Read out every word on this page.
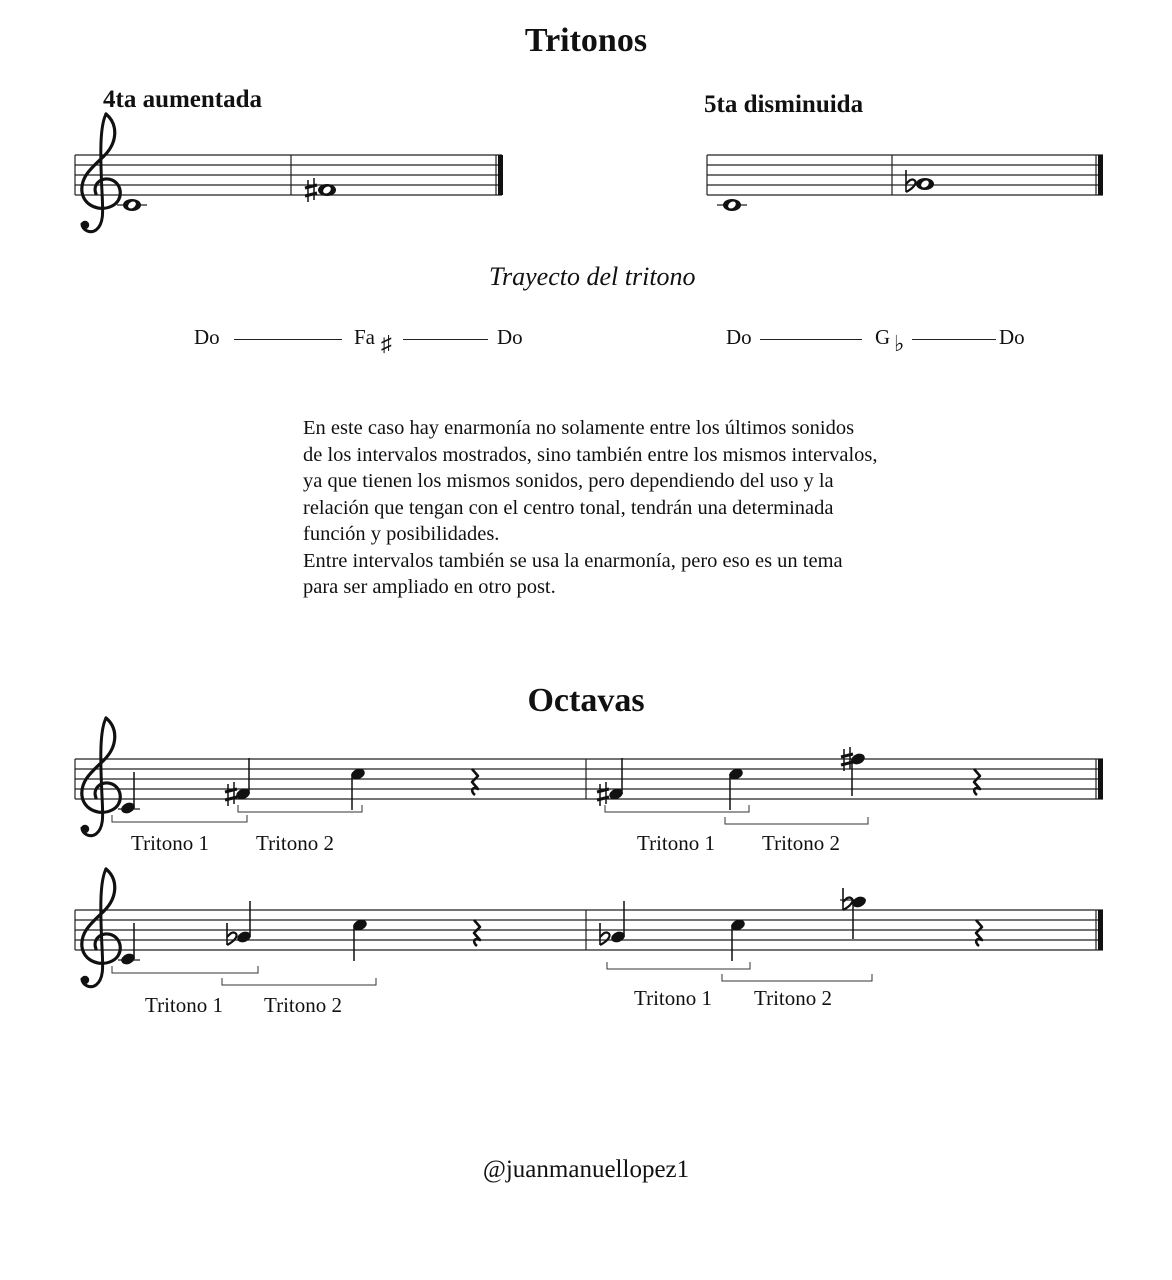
Tritonos
4ta aumentada	5ta disminuida
Trayecto del tritono
Do	Fa ♯	Do	Do	G ♭	Do
En este caso hay enarmonía no solamente entre los últimos sonidos
de los intervalos mostrados, sino también entre los mismos intervalos,
ya que tienen los mismos sonidos, pero dependiendo del uso y la
relación que tengan con el centro tonal, tendrán una determinada
función y posibilidades.
Entre intervalos también se usa la enarmonía, pero eso es un tema
para ser ampliado en otro post.
Octavas
Tritono 1 Tritono 2	Tritono 1 Tritono 2
Tritono 1 Tritono 2	Tritono 1 Tritono 2
@juanmanuellopez1
